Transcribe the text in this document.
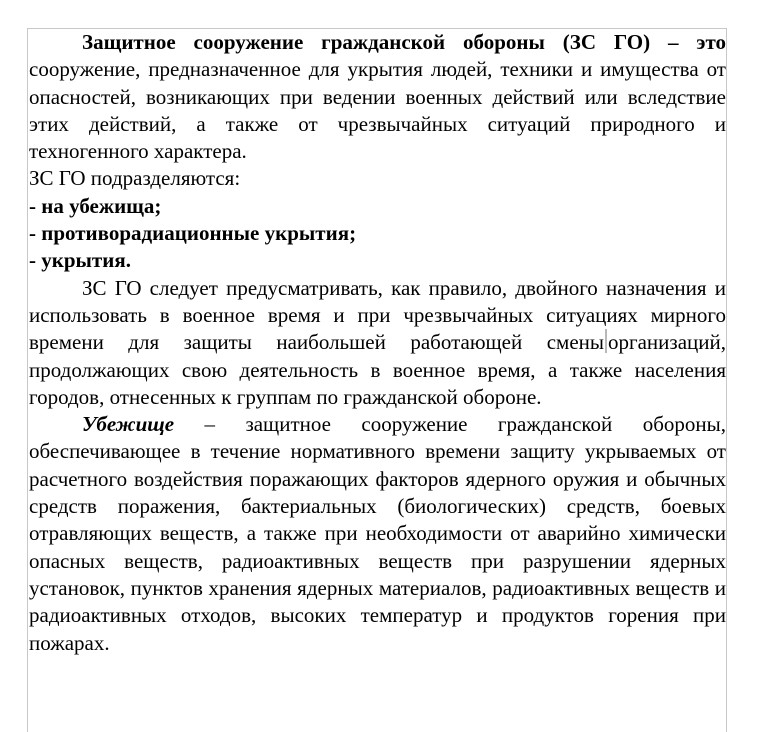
Защитное сооружение гражданской обороны (ЗС ГО) – это сооружение, предназначенное для укрытия людей, техники и имущества от опасностей, возникающих при ведении военных действий или вследствие этих действий, а также от чрезвычайных ситуаций природного и техногенного характера.

ЗС ГО подразделяются:

- на убежища;

- противорадиационные укрытия;

- укрытия.

ЗС ГО следует предусматривать, как правило, двойного назначения и использовать в военное время и при чрезвычайных ситуациях мирного времени для защиты наибольшей работающей смены организаций, продолжающих свою деятельность в военное время, а также населения городов, отнесенных к группам по гражданской обороне.

Убежище – защитное сооружение гражданской обороны, обеспечивающее в течение нормативного времени защиту укрываемых от расчетного воздействия поражающих факторов ядерного оружия и обычных средств поражения, бактериальных (биологических) средств, боевых отравляющих веществ, а также при необходимости от аварийно химически опасных веществ, радиоактивных веществ при разрушении ядерных установок, пунктов хранения ядерных материалов, радиоактивных веществ и радиоактивных отходов, высоких температур и продуктов горения при пожарах.
